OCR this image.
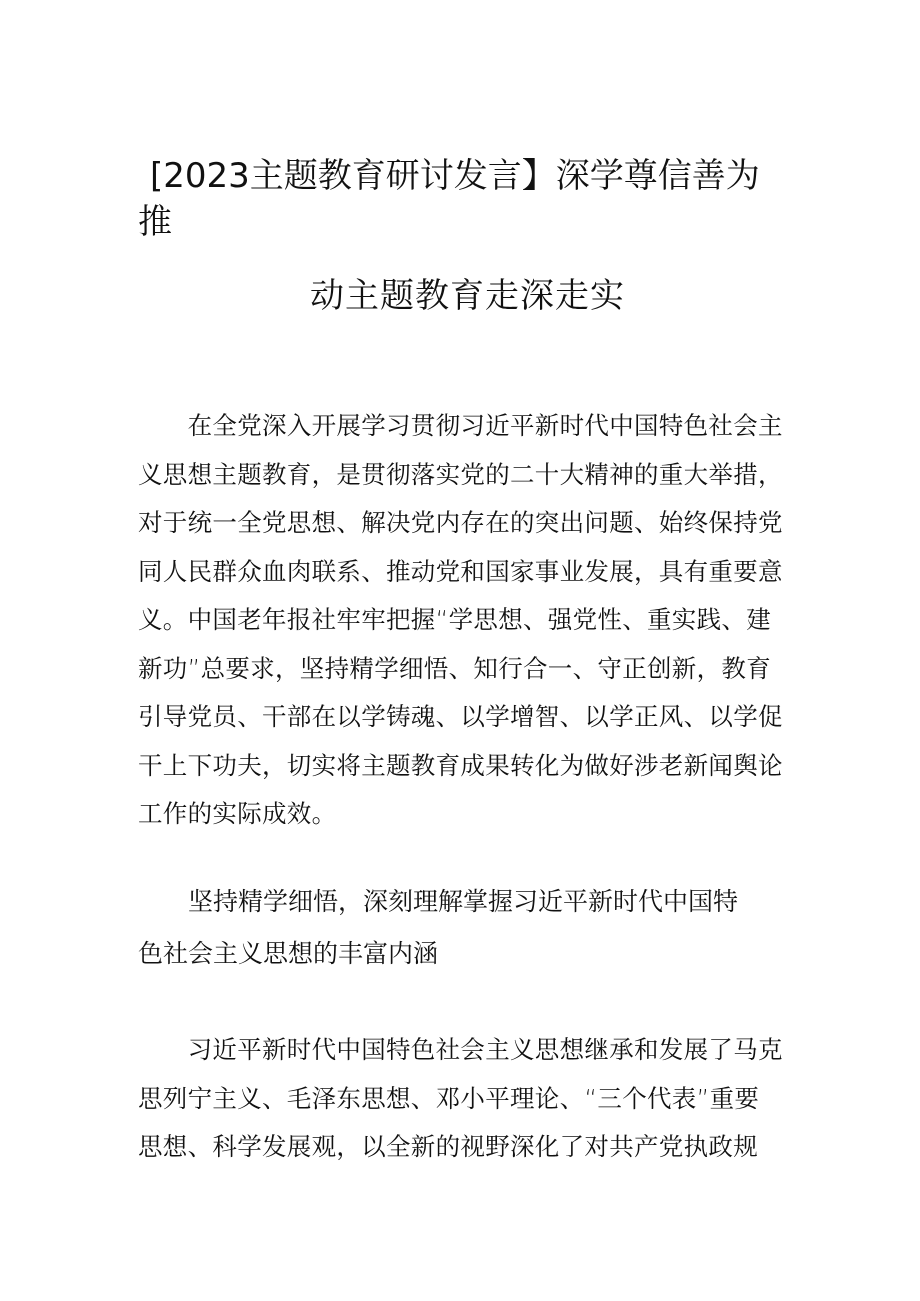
[2023主题教育研讨发言】深学尊信善为
推
动主题教育走深走实
　　在全党深入开展学习贯彻习近平新时代中国特色社会主
义思想主题教育，是贯彻落实党的二十大精神的重大举措，
对于统一全党思想、解决党内存在的突出问题、始终保持党
同人民群众血肉联系、推动党和国家事业发展，具有重要意
义。中国老年报社牢牢把握“学思想、强党性、重实践、建
新功”总要求，坚持精学细悟、知行合一、守正创新，教育
引导党员、干部在以学铸魂、以学增智、以学正风、以学促
干上下功夫，切实将主题教育成果转化为做好涉老新闻舆论
工作的实际成效。
　　坚持精学细悟，深刻理解掌握习近平新时代中国特
色社会主义思想的丰富内涵
　　习近平新时代中国特色社会主义思想继承和发展了马克
思列宁主义、毛泽东思想、邓小平理论、“三个代表”重要
思想、科学发展观，以全新的视野深化了对共产党执政规
